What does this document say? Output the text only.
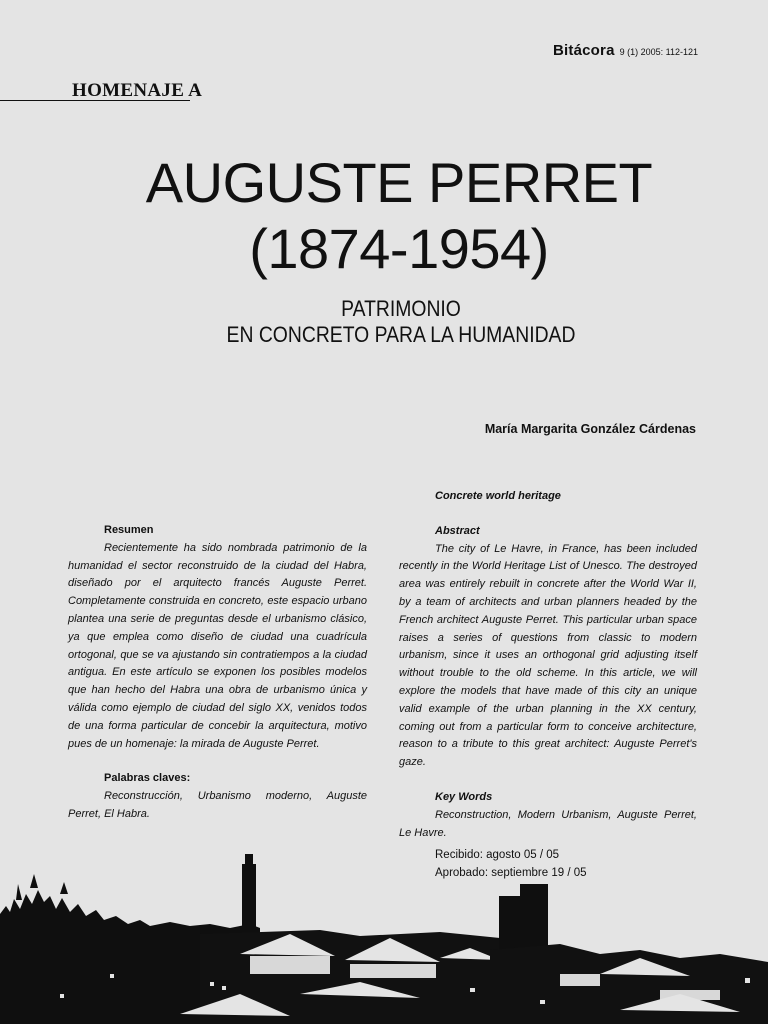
Bitácora 9 (1) 2005: 112-121
HOMENAJE A
AUGUSTE PERRET
(1874-1954)
PATRIMONIO
EN CONCRETO PARA LA HUMANIDAD
María Margarita González Cárdenas
Resumen

Recientemente ha sido nombrada patrimonio de la humanidad el sector reconstruido de la ciudad del Habra, diseñado por el arquitecto francés Auguste Perret. Completamente construida en concreto, este espacio urbano plantea una serie de preguntas desde el urbanismo clásico, ya que emplea como diseño de ciudad una cuadrícula ortogonal, que se va ajustando sin contratiempos a la ciudad antigua. En este artículo se exponen los posibles modelos que han hecho del Habra una obra de urbanismo única y válida como ejemplo de ciudad del siglo XX, venidos todos de una forma particular de concebir la arquitectura, motivo pues de un homenaje: la mirada de Auguste Perret.

Palabras claves:

Reconstrucción, Urbanismo moderno, Auguste Perret, El Habra.

Concrete world heritage
Abstract

The city of Le Havre, in France, has been included recently in the World Heritage List of Unesco. The destroyed area was entirely rebuilt in concrete after the World War II, by a team of architects and urban planners headed by the French architect Auguste Perret. This particular urban space raises a series of questions from classic to modern urbanism, since it uses an orthogonal grid adjusting itself without trouble to the old scheme. In this article, we will explore the models that have made of this city an unique valid example of the urban planning in the XX century, coming out from a particular form to conceive architecture, reason to a tribute to this great architect: Auguste Perret's gaze.

Key Words

Reconstruction, Modern Urbanism, Auguste Perret, Le Havre.

Recibido: agosto 05 / 05
Aprobado: septiembre 19 / 05
